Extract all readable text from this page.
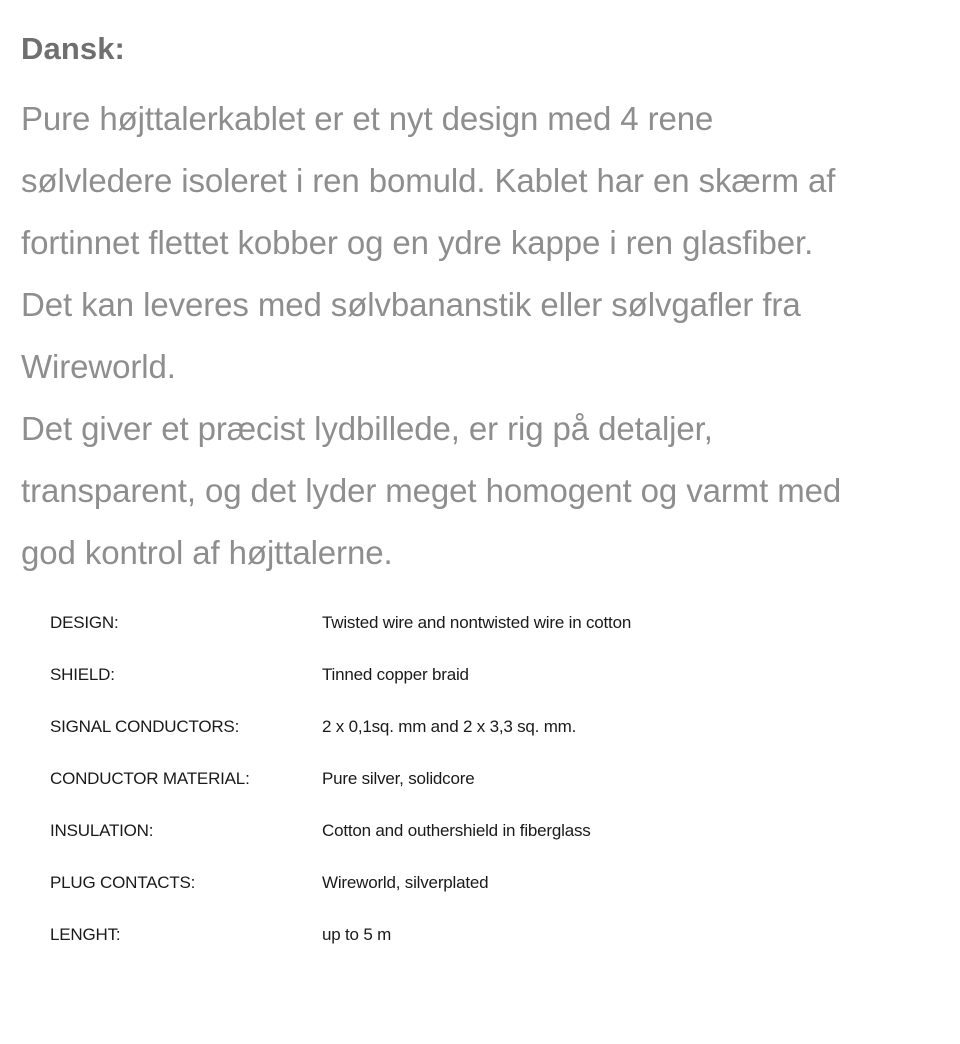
Dansk:
Pure højttalerkablet er et nyt design med 4 rene
sølvledere isoleret i ren bomuld. Kablet har en skærm af
fortinnet flettet kobber og en ydre kappe i ren glasfiber.
Det kan leveres med sølvbananstik eller sølvgafler fra
Wireworld.
Det giver et præcist lydbillede, er rig på detaljer,
transparent, og det lyder meget homogent og varmt med
god kontrol af højttalerne.
DESIGN:	Twisted wire and nontwisted wire in cotton
SHIELD:	Tinned copper braid
SIGNAL CONDUCTORS:	2 x 0,1sq. mm and 2 x 3,3 sq. mm.
CONDUCTOR MATERIAL:	Pure silver, solidcore
INSULATION:	Cotton and outhershield in fiberglass
PLUG CONTACTS:	Wireworld, silverplated
LENGHT:	up to 5 m
